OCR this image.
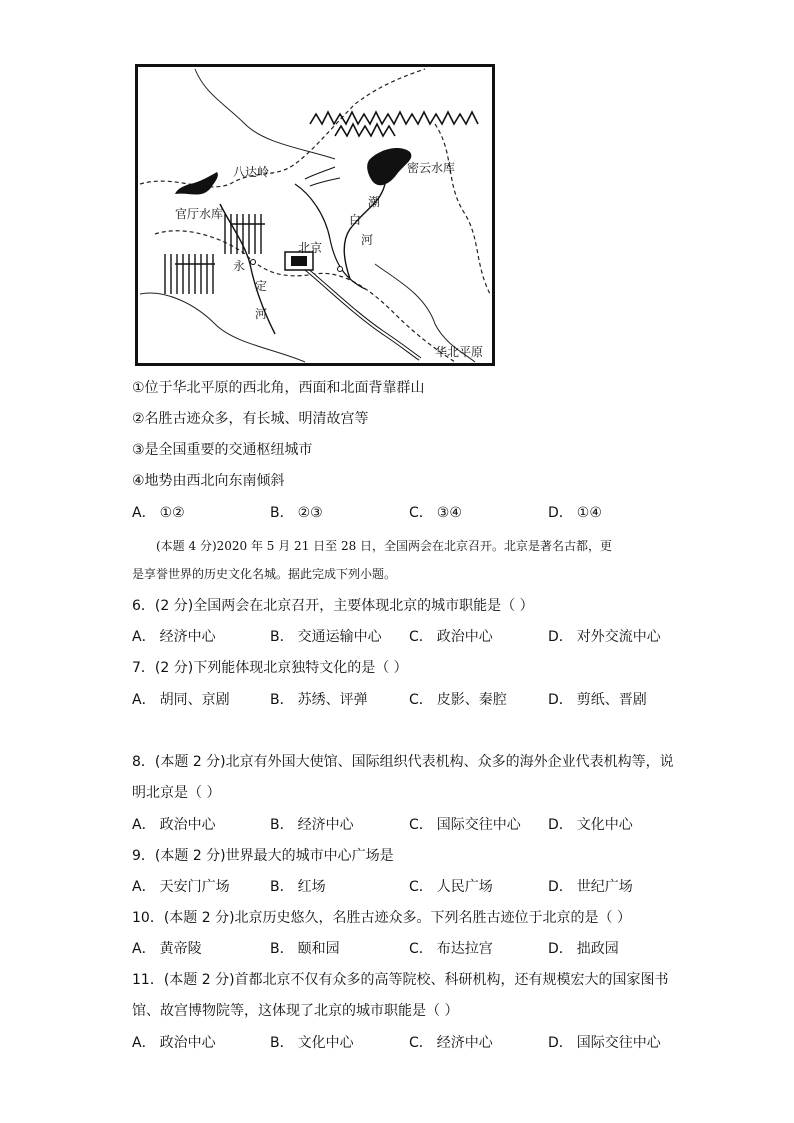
八达岭	密云水库
官厅水库
潮
白
河
北京
永
定
河
华北平原
①位于华北平原的西北角，西面和北面背靠群山
②名胜古迹众多，有长城、明清故宫等
③是全国重要的交通枢纽城市
④地势由西北向东南倾斜
A． ①②	B． ②③	C． ③④	D． ①④
(本题 4 分)2020 年 5 月 21 日至 28 日，全国两会在北京召开。北京是著名古都，更
是享誉世界的历史文化名城。据此完成下列小题。
6．(2 分)全国两会在北京召开，主要体现北京的城市职能是（ ）
A． 经济中心	B． 交通运输中心 C． 政治中心	D． 对外交流中心
7．(2 分)下列能体现北京独特文化的是（ ）
A． 胡同、京剧	B． 苏绣、评弹	C． 皮影、秦腔	D． 剪纸、晋剧
8．(本题 2 分)北京有外国大使馆、国际组织代表机构、众多的海外企业代表机构等，说
明北京是（ ）
A． 政治中心	B． 经济中心	C． 国际交往中心 D． 文化中心
9．(本题 2 分)世界最大的城市中心广场是
A． 天安门广场	B． 红场	C． 人民广场	D． 世纪广场
10．(本题 2 分)北京历史悠久，名胜古迹众多。下列名胜古迹位于北京的是（ ）
A． 黄帝陵	B． 颐和园	C． 布达拉宫	D． 拙政园
11．(本题 2 分)首都北京不仅有众多的高等院校、科研机构，还有规模宏大的国家图书
馆、故宫博物院等，这体现了北京的城市职能是（ ）
A． 政治中心	B． 文化中心	C． 经济中心	D． 国际交往中心
